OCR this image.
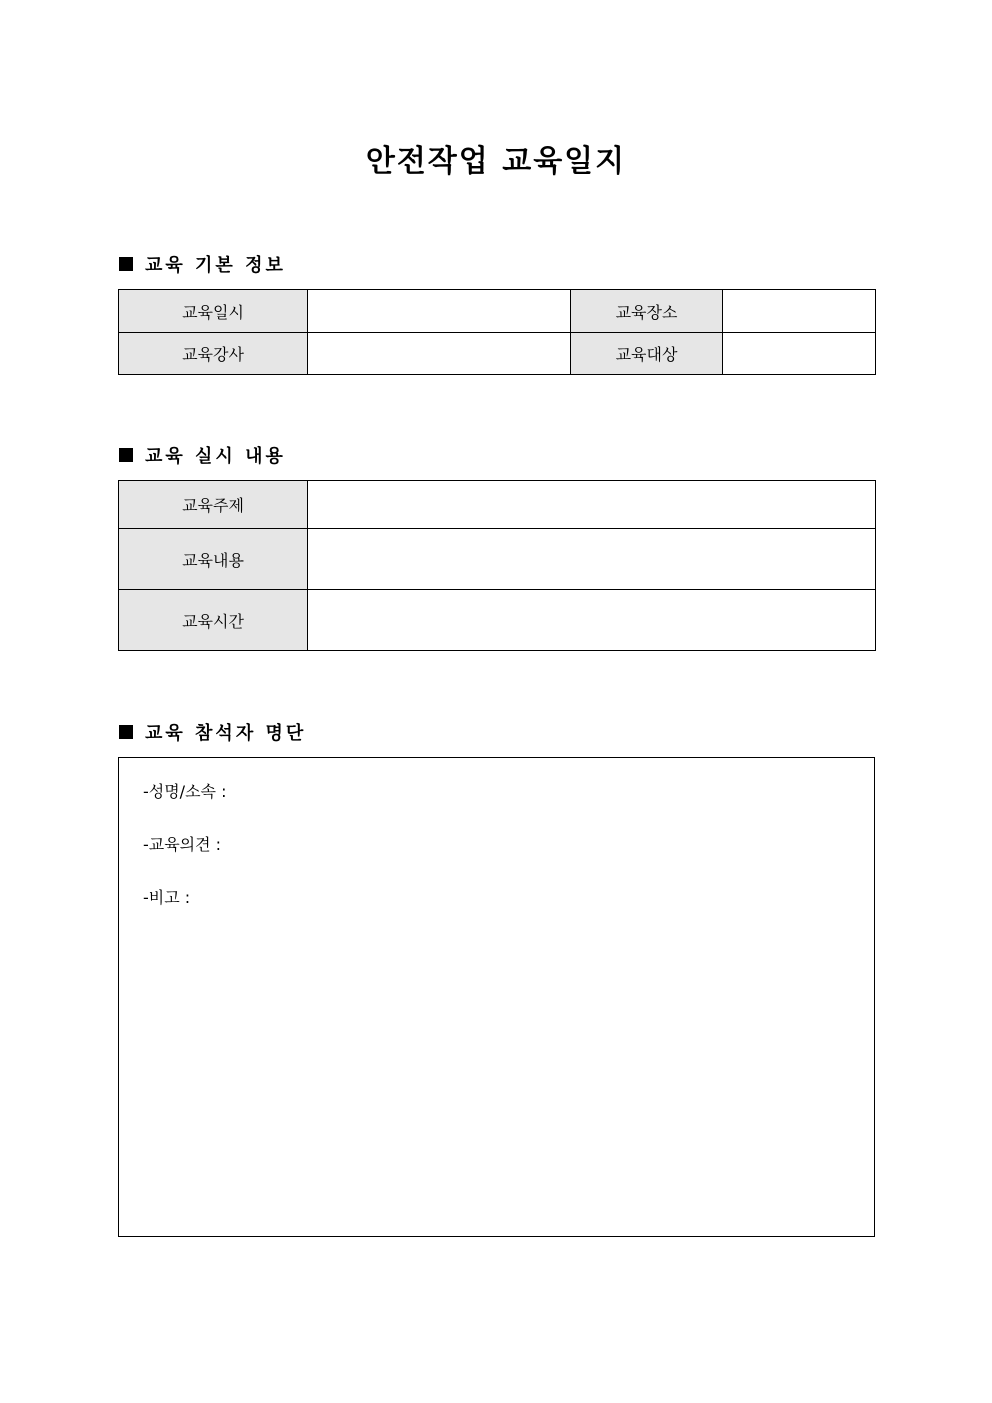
안전작업 교육일지
교육 기본 정보
교육일시		교육장소	
교육강사		교육대상	
교육 실시 내용
교육주제	
교육내용	
교육시간	
교육 참석자 명단
-성명/소속 :
-교육의견 :
-비고 :
